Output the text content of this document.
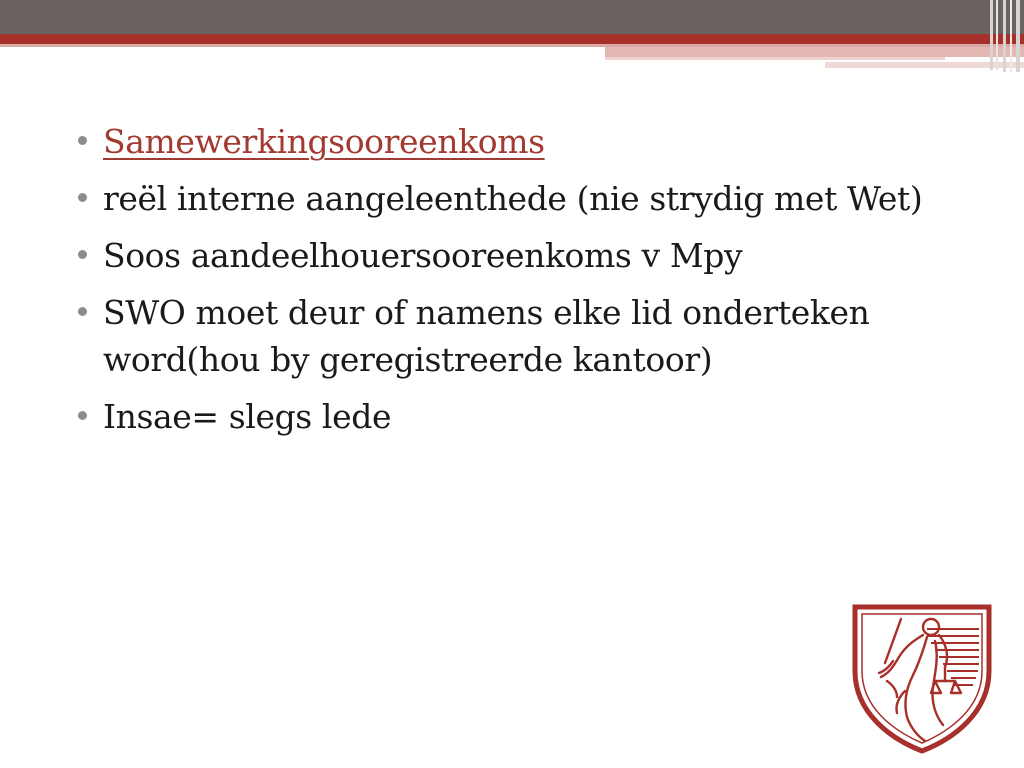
Samewerkingsooreenkoms
reël interne aangeleenthede (nie strydig met Wet)
Soos aandeelhouersooreenkoms v Mpy
SWO moet deur of namens elke lid onderteken word(hou by geregistreerde kantoor)
Insae= slegs lede
